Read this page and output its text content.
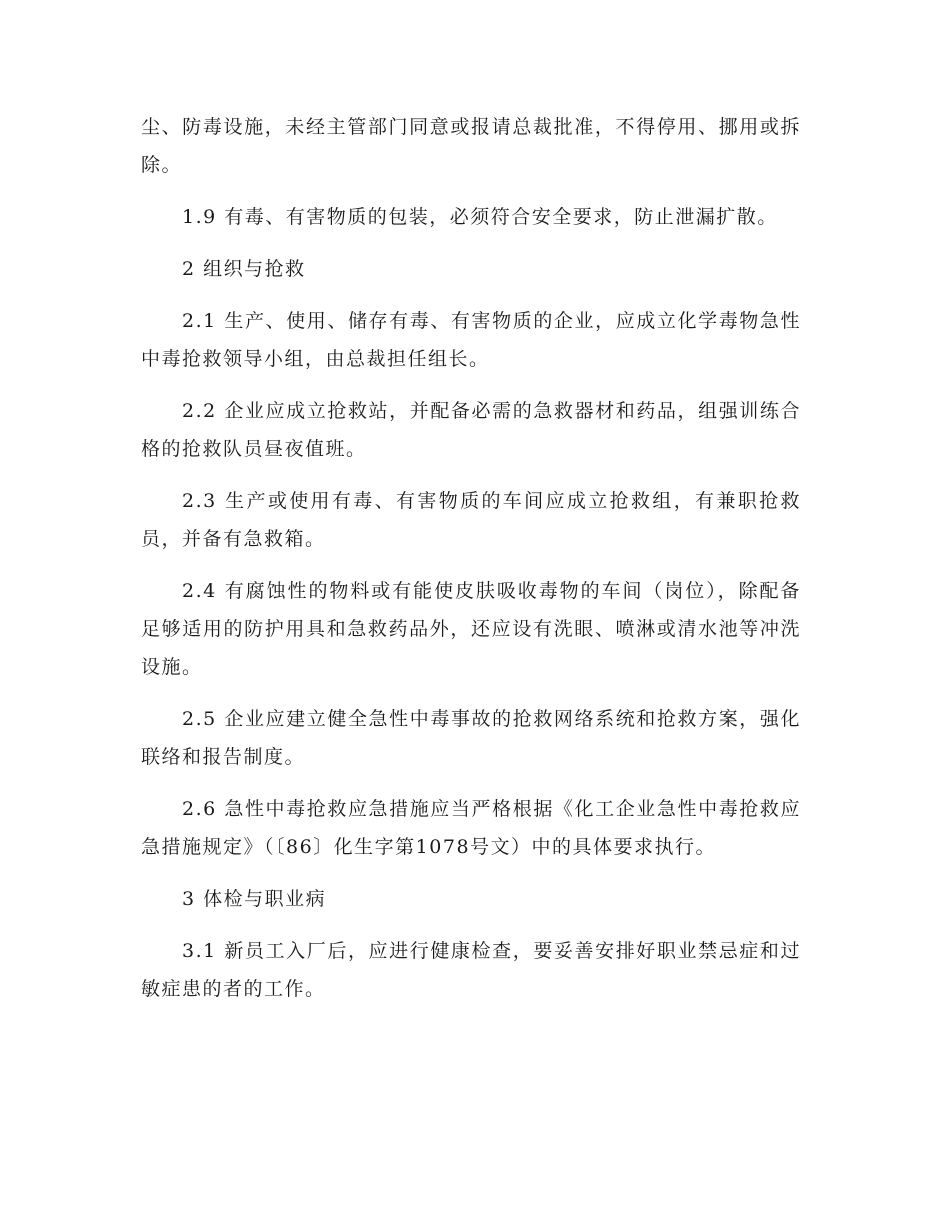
尘、防毒设施，未经主管部门同意或报请总裁批准，不得停用、挪用或拆除。

1.9 有毒、有害物质的包装，必须符合安全要求，防止泄漏扩散。

2 组织与抢救

2.1 生产、使用、储存有毒、有害物质的企业，应成立化学毒物急性中毒抢救领导小组，由总裁担任组长。

2.2 企业应成立抢救站，并配备必需的急救器材和药品，组强训练合格的抢救队员昼夜值班。

2.3 生产或使用有毒、有害物质的车间应成立抢救组，有兼职抢救员，并备有急救箱。

2.4 有腐蚀性的物料或有能使皮肤吸收毒物的车间（岗位），除配备足够适用的防护用具和急救药品外，还应设有洗眼、喷淋或清水池等冲洗设施。

2.5 企业应建立健全急性中毒事故的抢救网络系统和抢救方案，强化联络和报告制度。

2.6 急性中毒抢救应急措施应当严格根据《化工企业急性中毒抢救应急措施规定》（〔86〕化生字第1078号文）中的具体要求执行。

3 体检与职业病

3.1 新员工入厂后，应进行健康检查，要妥善安排好职业禁忌症和过敏症患的者的工作。
